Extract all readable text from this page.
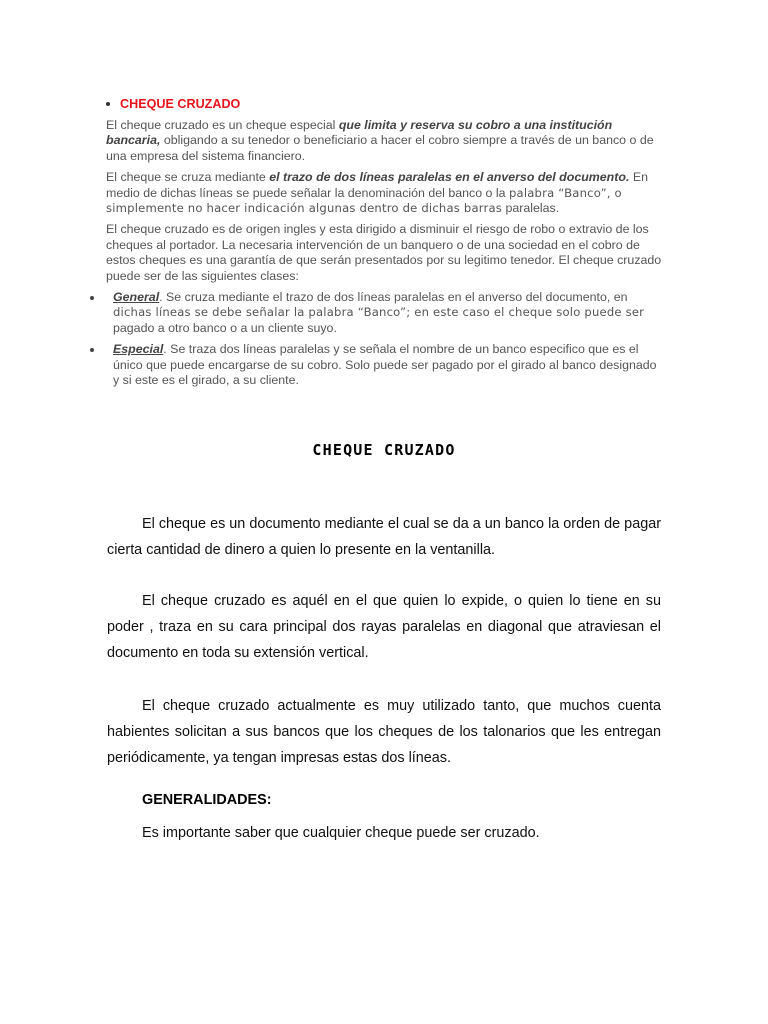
CHEQUE CRUZADO

El cheque cruzado es un cheque especial que limita y reserva su cobro a una institución bancaria, obligando a su tenedor o beneficiario a hacer el cobro siempre a través de un banco o de una empresa del sistema financiero.

El cheque se cruza mediante el trazo de dos líneas paralelas en el anverso del documento. En medio de dichas líneas se puede señalar la denominación del banco o la palabra “Banco”, o simplemente no hacer indicación algunas dentro de dichas barras paralelas.

El cheque cruzado es de origen ingles y esta dirigido a disminuir el riesgo de robo o extravio de los cheques al portador. La necesaria intervención de un banquero o de una sociedad en el cobro de estos cheques es una garantía de que serán presentados por su legitimo tenedor. El cheque cruzado puede ser de las siguientes clases:

General. Se cruza mediante el trazo de dos líneas paralelas en el anverso del documento, en dichas líneas se debe señalar la palabra “Banco”; en este caso el cheque solo puede ser pagado a otro banco o a un cliente suyo.
Especial. Se traza dos líneas paralelas y se señala el nombre de un banco especifico que es el único que puede encargarse de su cobro. Solo puede ser pagado por el girado al banco designado y si este es el girado, a su cliente.
CHEQUE CRUZADO

El cheque es un documento mediante el cual se da a un banco la orden de pagar cierta cantidad de dinero a quien lo presente en la ventanilla.

El cheque cruzado es aquél en el que quien lo expide, o quien lo tiene en su poder , traza en su cara principal dos rayas paralelas en diagonal que atraviesan el documento en toda su extensión vertical.

El cheque cruzado actualmente es muy utilizado tanto, que muchos cuenta habientes solicitan a sus bancos que los cheques de los talonarios que les entregan periódicamente, ya tengan impresas estas dos líneas.

GENERALIDADES:
Es importante saber que cualquier cheque puede ser cruzado.
